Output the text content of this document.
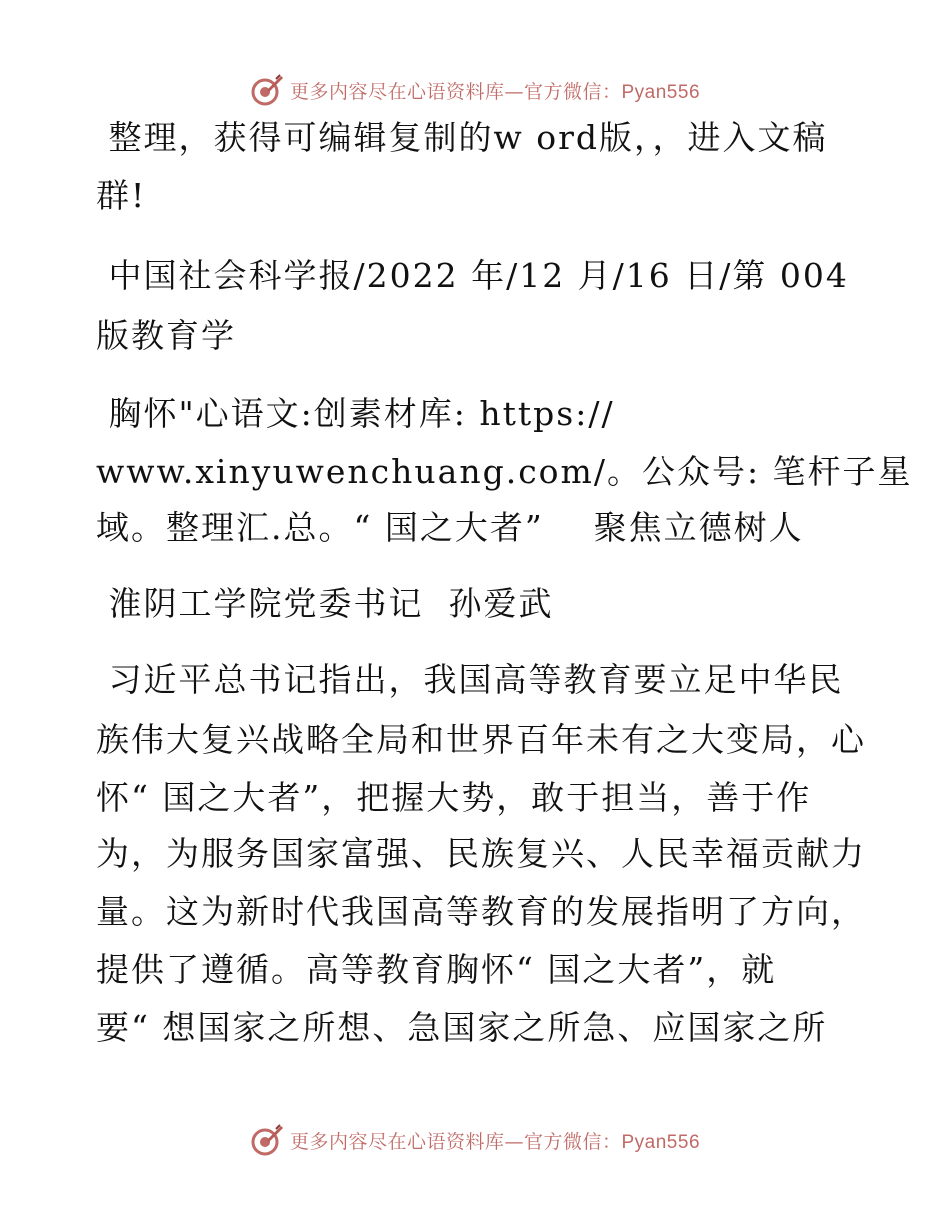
更多内容尽在心语资料库—官方微信：Pyan556
整理，获得可编辑复制的w ord版，，进入文稿
群!
中国社会科学报/2022 年/12 月/16 日/第 004
版教育学
胸怀"心语文:创素材库: https://
www.xinyuwenchuang.com/。公众号: 笔杆子星
域。整理汇.总。“ 国之大者”    聚焦立德树人
淮阴工学院党委书记  孙爱武
习近平总书记指出，我国高等教育要立足中华民
族伟大复兴战略全局和世界百年未有之大变局，心
怀“ 国之大者”，把握大势，敢于担当，善于作
为，为服务国家富强、民族复兴、人民幸福贡献力
量。这为新时代我国高等教育的发展指明了方向，
提供了遵循。高等教育胸怀“ 国之大者”，就
要“ 想国家之所想、急国家之所急、应国家之所
更多内容尽在心语资料库—官方微信：Pyan556
